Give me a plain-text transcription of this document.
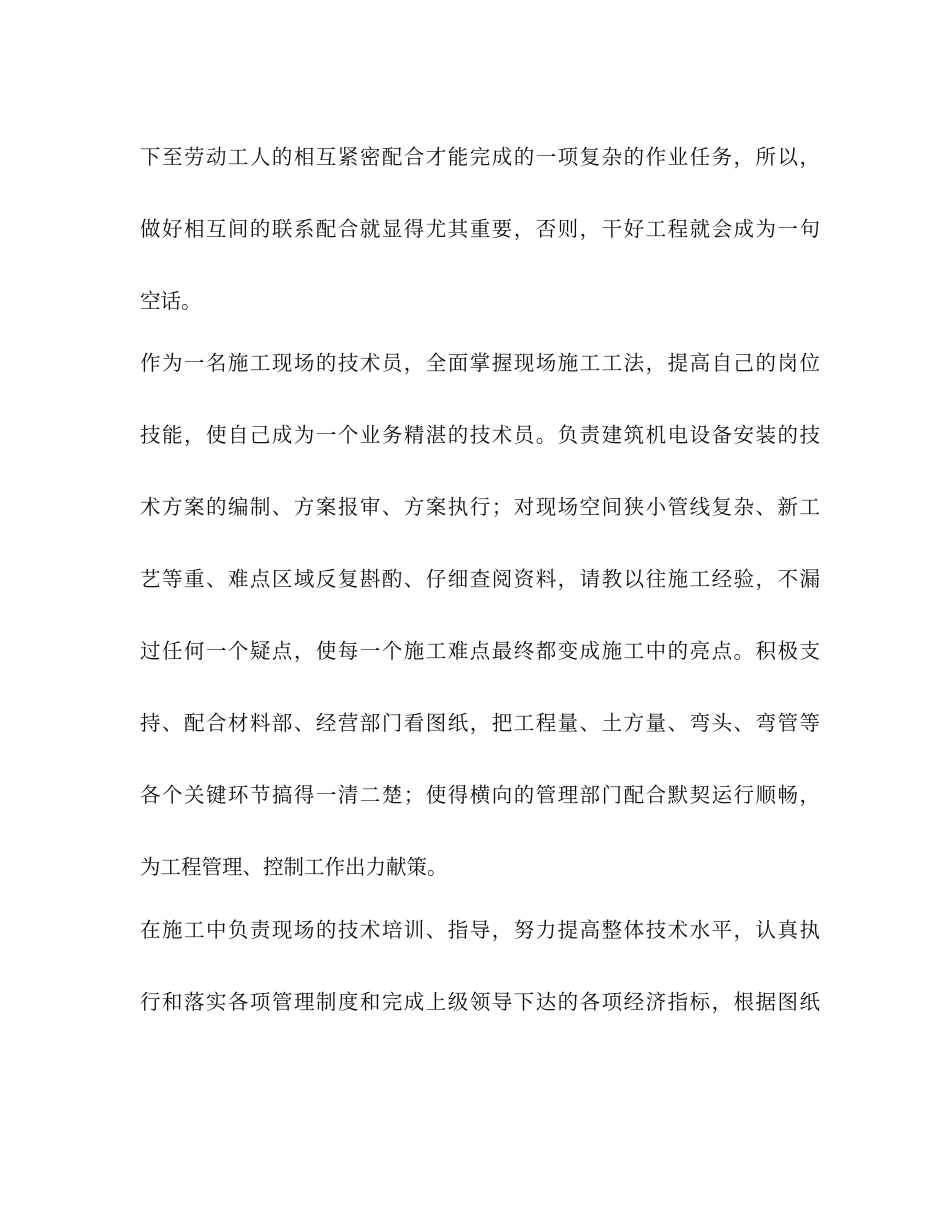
下至劳动工人的相互紧密配合才能完成的一项复杂的作业任务，所以，
做好相互间的联系配合就显得尤其重要，否则，干好工程就会成为一句
空话。
作为一名施工现场的技术员，全面掌握现场施工工法，提高自己的岗位
技能，使自己成为一个业务精湛的技术员。负责建筑机电设备安装的技
术方案的编制、方案报审、方案执行；对现场空间狭小管线复杂、新工
艺等重、难点区域反复斟酌、仔细查阅资料，请教以往施工经验，不漏
过任何一个疑点，使每一个施工难点最终都变成施工中的亮点。积极支
持、配合材料部、经营部门看图纸，把工程量、土方量、弯头、弯管等
各个关键环节搞得一清二楚；使得横向的管理部门配合默契运行顺畅，
为工程管理、控制工作出力献策。
在施工中负责现场的技术培训、指导，努力提高整体技术水平，认真执
行和落实各项管理制度和完成上级领导下达的各项经济指标，根据图纸
